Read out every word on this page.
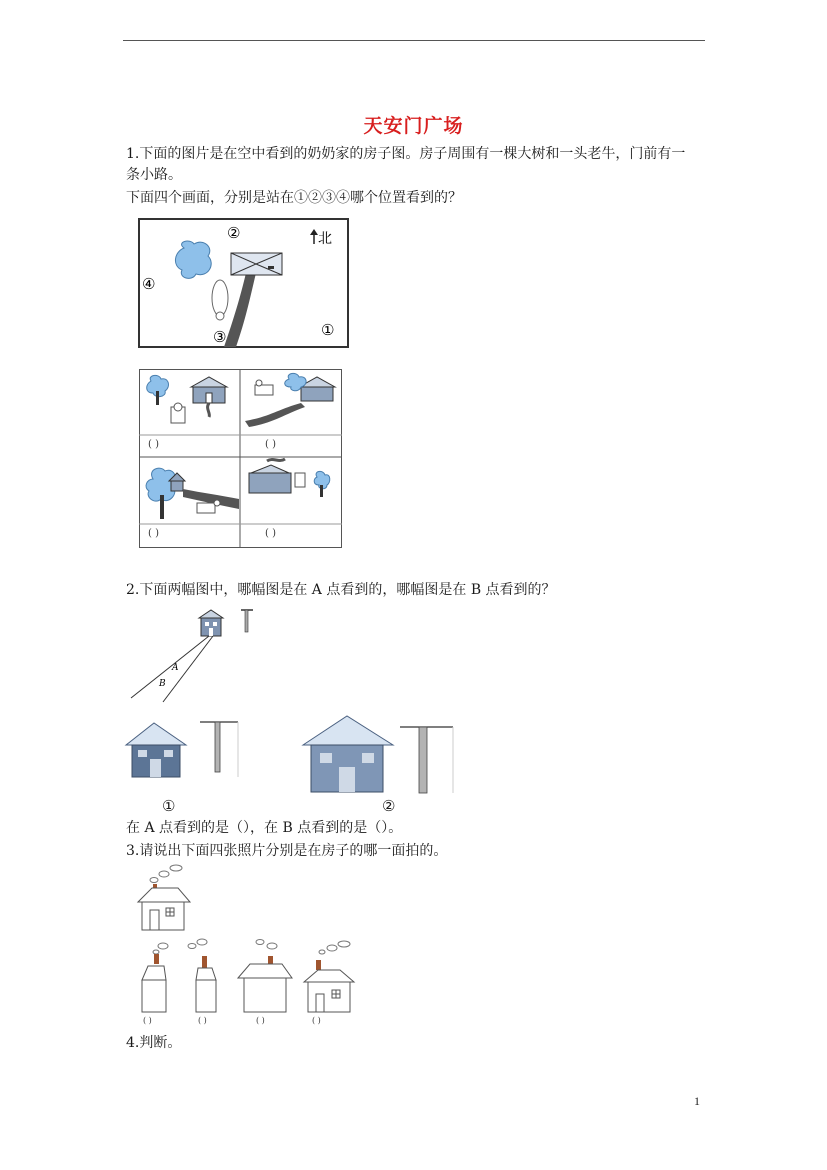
天安门广场
1.下面的图片是在空中看到的奶奶家的房子图。房子周围有一棵大树和一头老牛，门前有一
条小路。
下面四个画面，分别是站在①②③④哪个位置看到的？
北
②
④
③	①
( )	( )
( )	( )
2.下面两幅图中，哪幅图是在 A 点看到的，哪幅图是在 B 点看到的？
A
B
①	②
在 A 点看到的是（），在 B 点看到的是（）。
3.请说出下面四张照片分别是在房子的哪一面拍的。
( )	( )	( )	( )
4.判断。
1
